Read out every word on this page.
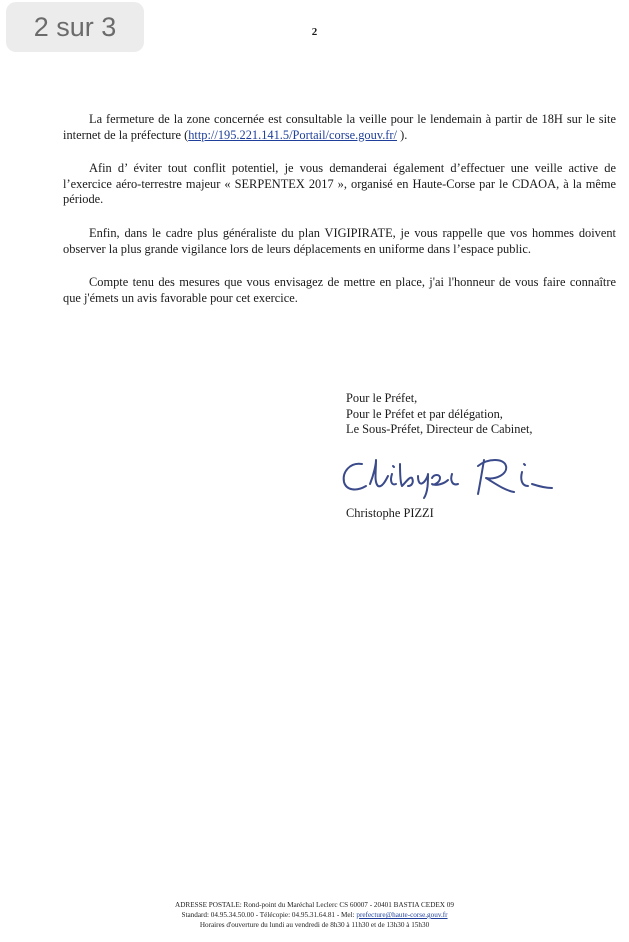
2 sur 3	2

La fermeture de la zone concernée est consultable la veille pour le lendemain à partir de 18H sur le site internet de la préfecture (http://195.221.141.5/Portail/corse.gouv.fr/ ).

Afin d’ éviter tout conflit potentiel, je vous demanderai également d’effectuer une veille active de l’exercice aéro-terrestre majeur « SERPENTEX 2017 », organisé en Haute-Corse par le CDAOA, à la même période.

Enfin, dans le cadre plus généraliste du plan VIGIPIRATE, je vous rappelle que vos hommes doivent observer la plus grande vigilance lors de leurs déplacements en uniforme dans l’espace public.

Compte tenu des mesures que vous envisagez de mettre en place, j'ai l'honneur de vous faire connaître que j'émets un avis favorable pour cet exercice.

Pour le Préfet,
Pour le Préfet et par délégation,
Le Sous-Préfet, Directeur de Cabinet,
Christophe PIZZI
ADRESSE POSTALE: Rond-point du Maréchal Leclerc CS 60007 - 20401 BASTIA CEDEX 09
Standard: 04.95.34.50.00 - Télécopie: 04.95.31.64.81 - Mel: prefecture@haute-corse.gouv.fr
Horaires d'ouverture du lundi au vendredi de 8h30 à 11h30 et de 13h30 à 15h30
